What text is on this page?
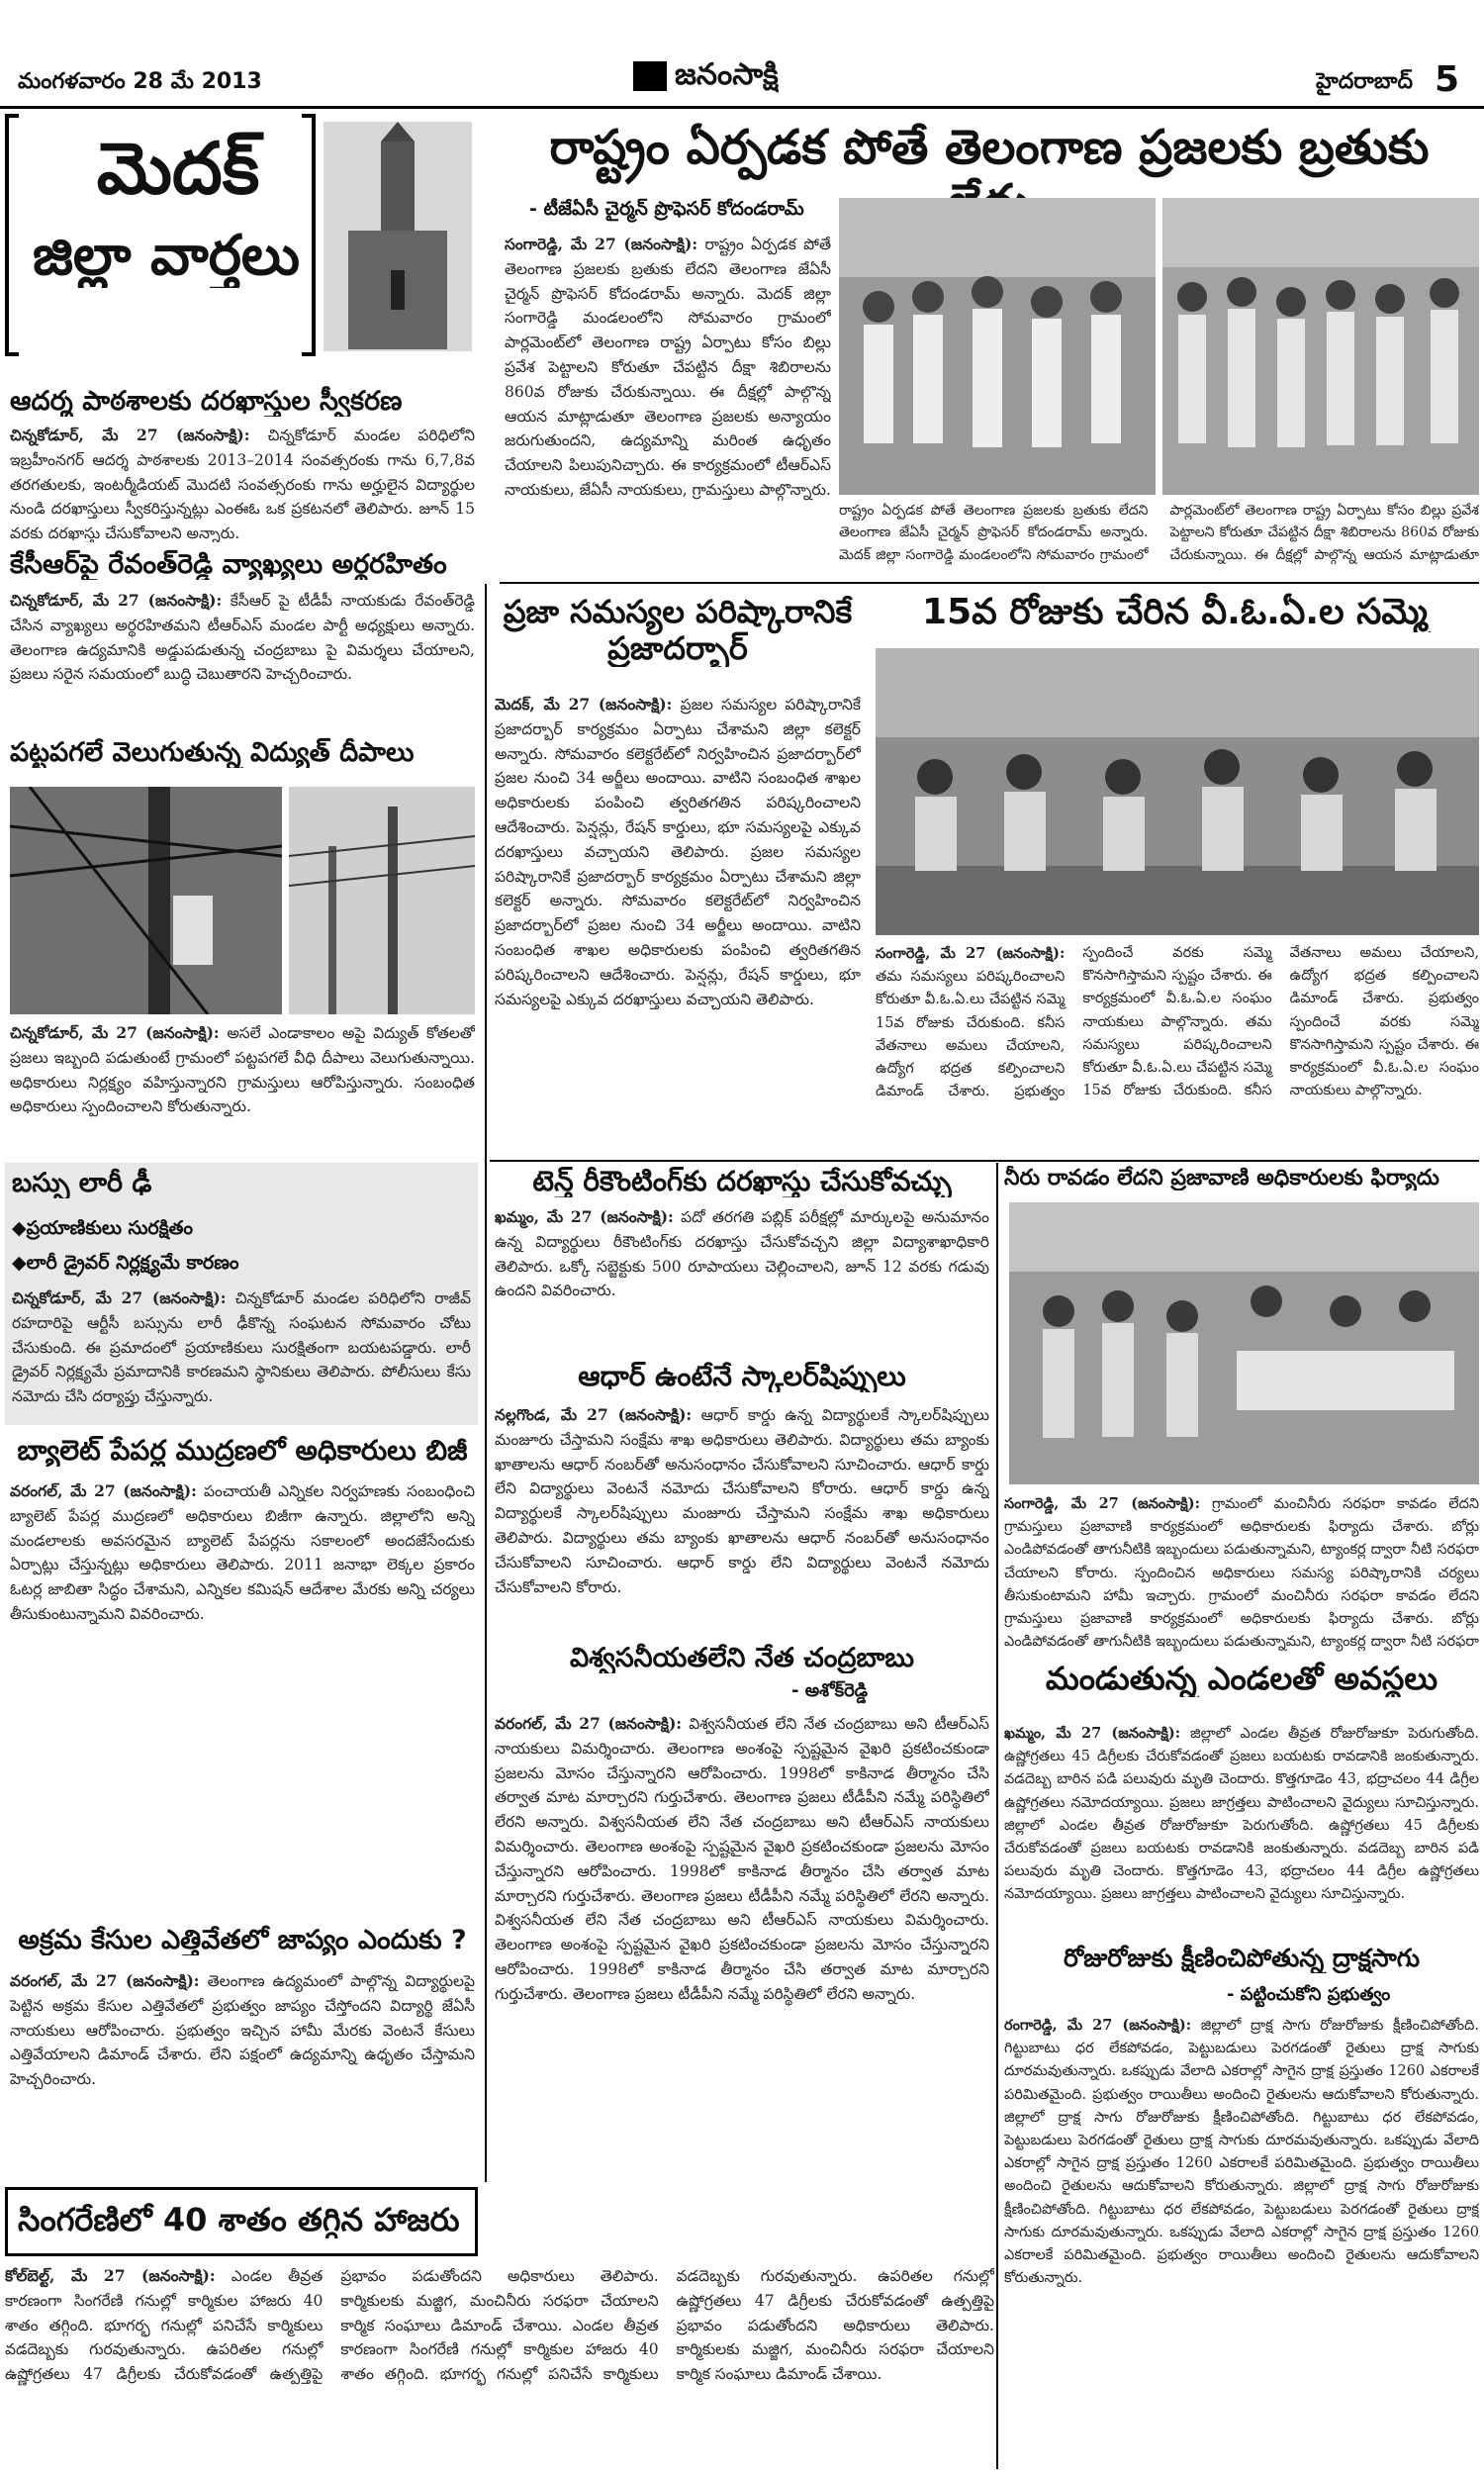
మంగళవారం 28 మే 2013	జనంసాక్షి	హైదరాబాద్ 5
మెదక్
జిల్లా వార్తలు
రాష్ట్రం ఏర్పడక పోతే తెలంగాణ ప్రజలకు బ్రతుకు
- టీజేఏసీ చైర్మన్ ప్రొఫెసర్ కోదండరామ్
సంగారెడ్డి, మే 27 (జనంసాక్షి): రాష్ట్రం ఏర్పడక పోతే తెలంగాణ ప్రజలకు బ్రతుకు లేదని తెలంగాణ జేఏసీ చైర్మన్ ప్రొఫెసర్ కోదండరామ్ అన్నారు. మెదక్ జిల్లా సంగారెడ్డి మండలంలోని సోమవారం గ్రామంలో పార్లమెంట్‌లో తెలంగాణ రాష్ట్ర ఏర్పాటు కోసం బిల్లు ప్రవేశ పెట్టాలని కోరుతూ చేపట్టిన దీక్షా శిబిరాలను 860వ రోజుకు చేరుకున్నాయి. ఈ దీక్షల్లో పాల్గొన్న ఆయన మాట్లాడుతూ తెలంగాణ ప్రజలకు అన్యాయం జరుగుతుందని, ఉద్యమాన్ని మరింత ఉధృతం చేయాలని పిలుపునిచ్చారు. ఈ కార్యక్రమంలో టీఆర్ఎస్ నాయకులు, జేఏసీ నాయకులు, గ్రామస్తులు పాల్గొన్నారు.
రాష్ట్రం ఏర్పడక పోతే తెలంగాణ ప్రజలకు బ్రతుకు లేదని తెలంగాణ జేఏసీ చైర్మన్ ప్రొఫెసర్ కోదండరామ్ అన్నారు. మెదక్ జిల్లా సంగారెడ్డి మండలంలోని సోమవారం గ్రామంలో పార్లమెంట్‌లో తెలంగాణ రాష్ట్ర ఏర్పాటు కోసం బిల్లు ప్రవేశ పెట్టాలని కోరుతూ చేపట్టిన దీక్షా శిబిరాలను 860వ రోజుకు చేరుకున్నాయి. ఈ దీక్షల్లో పాల్గొన్న ఆయన మాట్లాడుతూ
ఆదర్శ పాఠశాలకు దరఖాస్తుల స్వీకరణ
చిన్నకోడూర్, మే 27 (జనంసాక్షి): చిన్నకోడూర్ మండల పరిధిలోని ఇబ్రహీంనగర్ ఆదర్శ పాఠశాలకు 2013–2014 సంవత్సరంకు గాను 6,7,8వ తరగతులకు, ఇంటర్మీడియట్ మొదటి సంవత్సరంకు గాను అర్హులైన విద్యార్థుల నుండి దరఖాస్తులు స్వీకరిస్తున్నట్లు ఎంఈఓ ఒక ప్రకటనలో తెలిపారు. జూన్ 15 వరకు దరఖాస్తు చేసుకోవాలని అన్నారు.
కేసీఆర్‌పై రేవంత్‌రెడ్డి వ్యాఖ్యలు అర్థరహితం
చిన్నకోడూర్, మే 27 (జనంసాక్షి): కేసీఆర్ పై టీడీపీ నాయకుడు రేవంత్‌రెడ్డి చేసిన వ్యాఖ్యలు అర్థరహితమని టీఆర్ఎస్ మండల పార్టీ అధ్యక్షులు అన్నారు. తెలంగాణ ఉద్యమానికి అడ్డుపడుతున్న చంద్రబాబు పై విమర్శలు చేయాలని, ప్రజలు సరైన సమయంలో బుద్ధి చెబుతారని హెచ్చరించారు.
పట్టపగలే వెలుగుతున్న విద్యుత్ దీపాలు
చిన్నకోడూర్, మే 27 (జనంసాక్షి): అసలే ఎండాకాలం అపై విద్యుత్ కోతలతో ప్రజలు ఇబ్బంది పడుతుంటే గ్రామంలో పట్టపగలే వీధి దీపాలు వెలుగుతున్నాయి. అధికారులు నిర్లక్ష్యం వహిస్తున్నారని గ్రామస్తులు ఆరోపిస్తున్నారు. సంబంధిత అధికారులు స్పందించాలని కోరుతున్నారు.
బస్సు లారీ ఢీ
◆ ప్రయాణికులు సురక్షితం
◆ లారీ డ్రైవర్ నిర్లక్ష్యమే కారణం
చిన్నకోడూర్, మే 27 (జనంసాక్షి): చిన్నకోడూర్ మండల పరిధిలోని రాజీవ్ రహదారిపై ఆర్టీసీ బస్సును లారీ ఢీకొన్న సంఘటన సోమవారం చోటు చేసుకుంది. ఈ ప్రమాదంలో ప్రయాణికులు సురక్షితంగా బయటపడ్డారు. లారీ డ్రైవర్ నిర్లక్ష్యమే ప్రమాదానికి కారణమని స్థానికులు తెలిపారు. పోలీసులు కేసు నమోదు చేసి దర్యాప్తు చేస్తున్నారు.
బ్యాలెట్ పేపర్ల ముద్రణలో అధికారులు బిజీ
వరంగల్, మే 27 (జనంసాక్షి): పంచాయతీ ఎన్నికల నిర్వహణకు సంబంధించి బ్యాలెట్ పేపర్ల ముద్రణలో అధికారులు బిజీగా ఉన్నారు. జిల్లాలోని అన్ని మండలాలకు అవసరమైన బ్యాలెట్ పేపర్లను సకాలంలో అందజేసేందుకు ఏర్పాట్లు చేస్తున్నట్లు అధికారులు తెలిపారు. 2011 జనాభా లెక్కల ప్రకారం ఓటర్ల జాబితా సిద్ధం చేశామని, ఎన్నికల కమిషన్ ఆదేశాల మేరకు అన్ని చర్యలు తీసుకుంటున్నామని వివరించారు.
అక్రమ కేసుల ఎత్తివేతలో జాప్యం ఎందుకు ?
వరంగల్, మే 27 (జనంసాక్షి): తెలంగాణ ఉద్యమంలో పాల్గొన్న విద్యార్థులపై పెట్టిన అక్రమ కేసుల ఎత్తివేతలో ప్రభుత్వం జాప్యం చేస్తోందని విద్యార్థి జేఏసీ నాయకులు ఆరోపించారు. ప్రభుత్వం ఇచ్చిన హామీ మేరకు వెంటనే కేసులు ఎత్తివేయాలని డిమాండ్ చేశారు. లేని పక్షంలో ఉద్యమాన్ని ఉధృతం చేస్తామని హెచ్చరించారు.
సింగరేణిలో 40 శాతం తగ్గిన హాజరు
కోల్‌బెల్ట్, మే 27 (జనంసాక్షి): ఎండల తీవ్రత కారణంగా సింగరేణి గనుల్లో కార్మికుల హాజరు 40 శాతం తగ్గింది. భూగర్భ గనుల్లో పనిచేసే కార్మికులు వడదెబ్బకు గురవుతున్నారు. ఉపరితల గనుల్లో ఉష్ణోగ్రతలు 47 డిగ్రీలకు చేరుకోవడంతో ఉత్పత్తిపై ప్రభావం పడుతోందని అధికారులు తెలిపారు. కార్మికులకు మజ్జిగ, మంచినీరు సరఫరా చేయాలని కార్మిక సంఘాలు డిమాండ్ చేశాయి. ఎండల తీవ్రత కారణంగా సింగరేణి గనుల్లో కార్మికుల హాజరు 40 శాతం తగ్గింది. భూగర్భ గనుల్లో పనిచేసే కార్మికులు వడదెబ్బకు గురవుతున్నారు. ఉపరితల గనుల్లో ఉష్ణోగ్రతలు 47 డిగ్రీలకు చేరుకోవడంతో ఉత్పత్తిపై ప్రభావం పడుతోందని అధికారులు తెలిపారు. కార్మికులకు మజ్జిగ, మంచినీరు సరఫరా చేయాలని కార్మిక సంఘాలు డిమాండ్ చేశాయి.
ప్రజా సమస్యల పరిష్కారానికే ప్రజాదర్బార్
మెదక్, మే 27 (జనంసాక్షి): ప్రజల సమస్యల పరిష్కారానికే ప్రజాదర్బార్ కార్యక్రమం ఏర్పాటు చేశామని జిల్లా కలెక్టర్ అన్నారు. సోమవారం కలెక్టరేట్‌లో నిర్వహించిన ప్రజాదర్బార్‌లో ప్రజల నుంచి 34 అర్జీలు అందాయి. వాటిని సంబంధిత శాఖల అధికారులకు పంపించి త్వరితగతిన పరిష్కరించాలని ఆదేశించారు. పెన్షన్లు, రేషన్ కార్డులు, భూ సమస్యలపై ఎక్కువ దరఖాస్తులు వచ్చాయని తెలిపారు. ప్రజల సమస్యల పరిష్కారానికే ప్రజాదర్బార్ కార్యక్రమం ఏర్పాటు చేశామని జిల్లా కలెక్టర్ అన్నారు. సోమవారం కలెక్టరేట్‌లో నిర్వహించిన ప్రజాదర్బార్‌లో ప్రజల నుంచి 34 అర్జీలు అందాయి. వాటిని సంబంధిత శాఖల అధికారులకు పంపించి త్వరితగతిన పరిష్కరించాలని ఆదేశించారు. పెన్షన్లు, రేషన్ కార్డులు, భూ సమస్యలపై ఎక్కువ దరఖాస్తులు వచ్చాయని తెలిపారు.
15వ రోజుకు చేరిన వీ.ఓ.ఏ.ల సమ్మె
సంగారెడ్డి, మే 27 (జనంసాక్షి): తమ సమస్యలు పరిష్కరించాలని కోరుతూ వీ.ఓ.ఏ.లు చేపట్టిన సమ్మె 15వ రోజుకు చేరుకుంది. కనీస వేతనాలు అమలు చేయాలని, ఉద్యోగ భద్రత కల్పించాలని డిమాండ్ చేశారు. ప్రభుత్వం స్పందించే వరకు సమ్మె కొనసాగిస్తామని స్పష్టం చేశారు. ఈ కార్యక్రమంలో వీ.ఓ.ఏ.ల సంఘం నాయకులు పాల్గొన్నారు. తమ సమస్యలు పరిష్కరించాలని కోరుతూ వీ.ఓ.ఏ.లు చేపట్టిన సమ్మె 15వ రోజుకు చేరుకుంది. కనీస వేతనాలు అమలు చేయాలని, ఉద్యోగ భద్రత కల్పించాలని డిమాండ్ చేశారు. ప్రభుత్వం స్పందించే వరకు సమ్మె కొనసాగిస్తామని స్పష్టం చేశారు. ఈ కార్యక్రమంలో వీ.ఓ.ఏ.ల సంఘం నాయకులు పాల్గొన్నారు.
టెన్త్ రీకౌంటింగ్‌కు దరఖాస్తు చేసుకోవచ్చు
ఖమ్మం, మే 27 (జనంసాక్షి): పదో తరగతి పబ్లిక్ పరీక్షల్లో మార్కులపై అనుమానం ఉన్న విద్యార్థులు రీకౌంటింగ్‌కు దరఖాస్తు చేసుకోవచ్చని జిల్లా విద్యాశాఖాధికారి తెలిపారు. ఒక్కో సబ్జెక్టుకు 500 రూపాయలు చెల్లించాలని, జూన్ 12 వరకు గడువు ఉందని వివరించారు.
ఆధార్ ఉంటేనే స్కాలర్‌షిప్పులు
నల్లగొండ, మే 27 (జనంసాక్షి): ఆధార్ కార్డు ఉన్న విద్యార్థులకే స్కాలర్‌షిప్పులు మంజూరు చేస్తామని సంక్షేమ శాఖ అధికారులు తెలిపారు. విద్యార్థులు తమ బ్యాంకు ఖాతాలను ఆధార్ నంబర్‌తో అనుసంధానం చేసుకోవాలని సూచించారు. ఆధార్ కార్డు లేని విద్యార్థులు వెంటనే నమోదు చేసుకోవాలని కోరారు. ఆధార్ కార్డు ఉన్న విద్యార్థులకే స్కాలర్‌షిప్పులు మంజూరు చేస్తామని సంక్షేమ శాఖ అధికారులు తెలిపారు. విద్యార్థులు తమ బ్యాంకు ఖాతాలను ఆధార్ నంబర్‌తో అనుసంధానం చేసుకోవాలని సూచించారు. ఆధార్ కార్డు లేని విద్యార్థులు వెంటనే నమోదు చేసుకోవాలని కోరారు.
విశ్వసనీయతలేని నేత చంద్రబాబు
- అశోక్‌రెడ్డి
వరంగల్, మే 27 (జనంసాక్షి): విశ్వసనీయత లేని నేత చంద్రబాబు అని టీఆర్ఎస్ నాయకులు విమర్శించారు. తెలంగాణ అంశంపై స్పష్టమైన వైఖరి ప్రకటించకుండా ప్రజలను మోసం చేస్తున్నారని ఆరోపించారు. 1998లో కాకినాడ తీర్మానం చేసి తర్వాత మాట మార్చారని గుర్తుచేశారు. తెలంగాణ ప్రజలు టీడీపీని నమ్మే పరిస్థితిలో లేరని అన్నారు. విశ్వసనీయత లేని నేత చంద్రబాబు అని టీఆర్ఎస్ నాయకులు విమర్శించారు. తెలంగాణ అంశంపై స్పష్టమైన వైఖరి ప్రకటించకుండా ప్రజలను మోసం చేస్తున్నారని ఆరోపించారు. 1998లో కాకినాడ తీర్మానం చేసి తర్వాత మాట మార్చారని గుర్తుచేశారు. తెలంగాణ ప్రజలు టీడీపీని నమ్మే పరిస్థితిలో లేరని అన్నారు. విశ్వసనీయత లేని నేత చంద్రబాబు అని టీఆర్ఎస్ నాయకులు విమర్శించారు. తెలంగాణ అంశంపై స్పష్టమైన వైఖరి ప్రకటించకుండా ప్రజలను మోసం చేస్తున్నారని ఆరోపించారు. 1998లో కాకినాడ తీర్మానం చేసి తర్వాత మాట మార్చారని గుర్తుచేశారు. తెలంగాణ ప్రజలు టీడీపీని నమ్మే పరిస్థితిలో లేరని అన్నారు.
నీరు రావడం లేదని ప్రజావాణి అధికారులకు ఫిర్యాదు
సంగారెడ్డి, మే 27 (జనంసాక్షి): గ్రామంలో మంచినీరు సరఫరా కావడం లేదని గ్రామస్తులు ప్రజావాణి కార్యక్రమంలో అధికారులకు ఫిర్యాదు చేశారు. బోర్లు ఎండిపోవడంతో తాగునీటికి ఇబ్బందులు పడుతున్నామని, ట్యాంకర్ల ద్వారా నీటి సరఫరా చేయాలని కోరారు. స్పందించిన అధికారులు సమస్య పరిష్కారానికి చర్యలు తీసుకుంటామని హామీ ఇచ్చారు. గ్రామంలో మంచినీరు సరఫరా కావడం లేదని గ్రామస్తులు ప్రజావాణి కార్యక్రమంలో అధికారులకు ఫిర్యాదు చేశారు. బోర్లు ఎండిపోవడంతో తాగునీటికి ఇబ్బందులు పడుతున్నామని, ట్యాంకర్ల ద్వారా నీటి సరఫరా
మండుతున్న ఎండలతో అవస్థలు
ఖమ్మం, మే 27 (జనంసాక్షి): జిల్లాలో ఎండల తీవ్రత రోజురోజుకూ పెరుగుతోంది. ఉష్ణోగ్రతలు 45 డిగ్రీలకు చేరుకోవడంతో ప్రజలు బయటకు రావడానికి జంకుతున్నారు. వడదెబ్బ బారిన పడి పలువురు మృతి చెందారు. కొత్తగూడెం 43, భద్రాచలం 44 డిగ్రీల ఉష్ణోగ్రతలు నమోదయ్యాయి. ప్రజలు జాగ్రత్తలు పాటించాలని వైద్యులు సూచిస్తున్నారు. జిల్లాలో ఎండల తీవ్రత రోజురోజుకూ పెరుగుతోంది. ఉష్ణోగ్రతలు 45 డిగ్రీలకు చేరుకోవడంతో ప్రజలు బయటకు రావడానికి జంకుతున్నారు. వడదెబ్బ బారిన పడి పలువురు మృతి చెందారు. కొత్తగూడెం 43, భద్రాచలం 44 డిగ్రీల ఉష్ణోగ్రతలు నమోదయ్యాయి. ప్రజలు జాగ్రత్తలు పాటించాలని వైద్యులు సూచిస్తున్నారు.
రోజురోజుకు క్షీణించిపోతున్న ద్రాక్షసాగు
- పట్టించుకోని ప్రభుత్వం
రంగారెడ్డి, మే 27 (జనంసాక్షి): జిల్లాలో ద్రాక్ష సాగు రోజురోజుకు క్షీణించిపోతోంది. గిట్టుబాటు ధర లేకపోవడం, పెట్టుబడులు పెరగడంతో రైతులు ద్రాక్ష సాగుకు దూరమవుతున్నారు. ఒకప్పుడు వేలాది ఎకరాల్లో సాగైన ద్రాక్ష ప్రస్తుతం 1260 ఎకరాలకే పరిమితమైంది. ప్రభుత్వం రాయితీలు అందించి రైతులను ఆదుకోవాలని కోరుతున్నారు. జిల్లాలో ద్రాక్ష సాగు రోజురోజుకు క్షీణించిపోతోంది. గిట్టుబాటు ధర లేకపోవడం, పెట్టుబడులు పెరగడంతో రైతులు ద్రాక్ష సాగుకు దూరమవుతున్నారు. ఒకప్పుడు వేలాది ఎకరాల్లో సాగైన ద్రాక్ష ప్రస్తుతం 1260 ఎకరాలకే పరిమితమైంది. ప్రభుత్వం రాయితీలు అందించి రైతులను ఆదుకోవాలని కోరుతున్నారు. జిల్లాలో ద్రాక్ష సాగు రోజురోజుకు క్షీణించిపోతోంది. గిట్టుబాటు ధర లేకపోవడం, పెట్టుబడులు పెరగడంతో రైతులు ద్రాక్ష సాగుకు దూరమవుతున్నారు. ఒకప్పుడు వేలాది ఎకరాల్లో సాగైన ద్రాక్ష ప్రస్తుతం 1260 ఎకరాలకే పరిమితమైంది. ప్రభుత్వం రాయితీలు అందించి రైతులను ఆదుకోవాలని కోరుతున్నారు.
